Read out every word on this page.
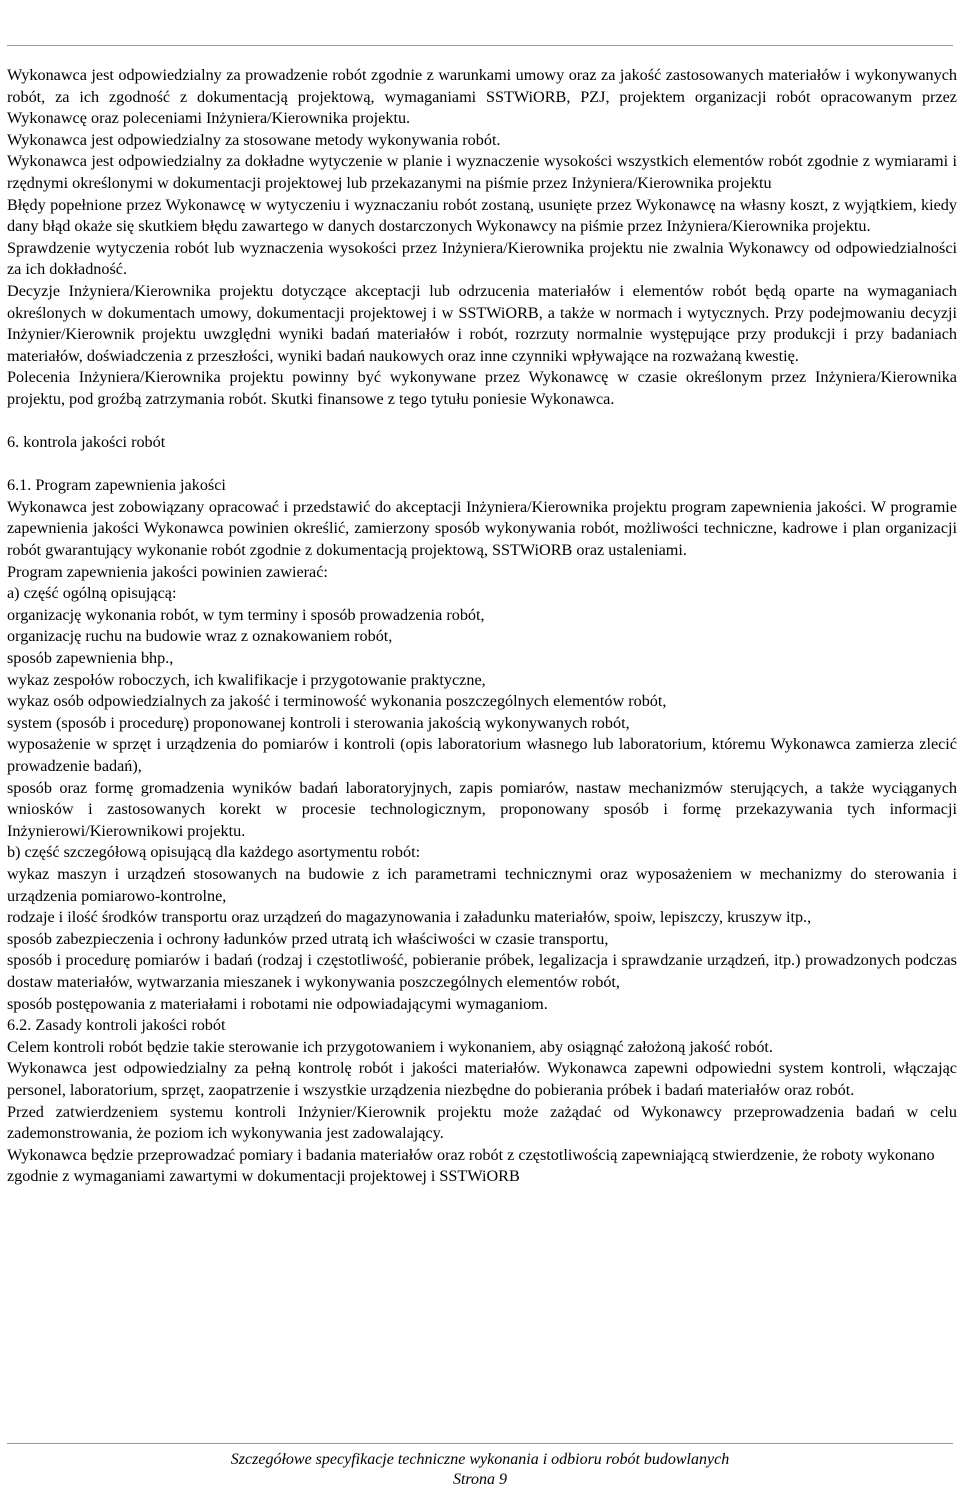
Usługi Ogólnobudowlane WILBUD
Ul. Benedyktyńska 25 ; 58-405 Krzeszów

Wykonawca jest odpowiedzialny za prowadzenie robót zgodnie z warunkami umowy oraz za jakość zastosowanych materiałów i wykonywanych robót, za ich zgodność z dokumentacją projektową, wymaganiami SSTWiORB, PZJ, projektem organizacji robót opracowanym przez Wykonawcę oraz poleceniami Inżyniera/Kierownika projektu.

Wykonawca jest odpowiedzialny za stosowane metody wykonywania robót.

Wykonawca jest odpowiedzialny za dokładne wytyczenie w planie i wyznaczenie wysokości wszystkich elementów robót zgodnie z wymiarami i rzędnymi określonymi w dokumentacji projektowej lub przekazanymi na piśmie przez Inżyniera/Kierownika projektu

Błędy popełnione przez Wykonawcę w wytyczeniu i wyznaczaniu robót zostaną, usunięte przez Wykonawcę na własny koszt, z wyjątkiem, kiedy dany błąd okaże się skutkiem błędu zawartego w danych dostarczonych Wykonawcy na piśmie przez Inżyniera/Kierownika projektu.

Sprawdzenie wytyczenia robót lub wyznaczenia wysokości przez Inżyniera/Kierownika projektu nie zwalnia Wykonawcy od odpowiedzialności za ich dokładność.

Decyzje Inżyniera/Kierownika projektu dotyczące akceptacji lub odrzucenia materiałów i elementów robót będą oparte na wymaganiach określonych w dokumentach umowy, dokumentacji projektowej i w SSTWiORB, a także w normach i wytycznych. Przy podejmowaniu decyzji Inżynier/Kierownik projektu uwzględni wyniki badań materiałów i robót, rozrzuty normalnie występujące przy produkcji i przy badaniach materiałów, doświadczenia z przeszłości, wyniki badań naukowych oraz inne czynniki wpływające na rozważaną kwestię.

Polecenia Inżyniera/Kierownika projektu powinny być wykonywane przez Wykonawcę w czasie określonym przez Inżyniera/Kierownika projektu, pod groźbą zatrzymania robót. Skutki finansowe z tego tytułu poniesie Wykonawca.

6. kontrola jakości robót

6.1. Program zapewnienia jakości

Wykonawca jest zobowiązany opracować i przedstawić do akceptacji Inżyniera/Kierownika projektu program zapewnienia jakości. W programie zapewnienia jakości Wykonawca powinien określić, zamierzony sposób wykonywania robót, możliwości techniczne, kadrowe i plan organizacji robót gwarantujący wykonanie robót zgodnie z dokumentacją projektową, SSTWiORB oraz ustaleniami.

Program zapewnienia jakości powinien zawierać:

a) część ogólną opisującą:

organizację wykonania robót, w tym terminy i sposób prowadzenia robót,

organizację ruchu na budowie wraz z oznakowaniem robót,

sposób zapewnienia bhp.,

wykaz zespołów roboczych, ich kwalifikacje i przygotowanie praktyczne,

wykaz osób odpowiedzialnych za jakość i terminowość wykonania poszczególnych elementów robót,

system (sposób i procedurę) proponowanej kontroli i sterowania jakością wykonywanych robót,

wyposażenie w sprzęt i urządzenia do pomiarów i kontroli (opis laboratorium własnego lub laboratorium, któremu Wykonawca zamierza zlecić prowadzenie badań),

sposób oraz formę gromadzenia wyników badań laboratoryjnych, zapis pomiarów, nastaw mechanizmów sterujących, a także wyciąganych wniosków i zastosowanych korekt w procesie technologicznym, proponowany sposób i formę przekazywania tych informacji Inżynierowi/Kierownikowi projektu.

b) część szczegółową opisującą dla każdego asortymentu robót:

wykaz maszyn i urządzeń stosowanych na budowie z ich parametrami technicznymi oraz wyposażeniem w mechanizmy do sterowania i urządzenia pomiarowo-kontrolne,

rodzaje i ilość środków transportu oraz urządzeń do magazynowania i załadunku materiałów, spoiw, lepiszczy, kruszyw itp.,

sposób zabezpieczenia i ochrony ładunków przed utratą ich właściwości w czasie transportu,

sposób i procedurę pomiarów i badań (rodzaj i częstotliwość, pobieranie próbek, legalizacja i sprawdzanie urządzeń, itp.) prowadzonych podczas dostaw materiałów, wytwarzania mieszanek i wykonywania poszczególnych elementów robót,

sposób postępowania z materiałami i robotami nie odpowiadającymi wymaganiom.

6.2. Zasady kontroli jakości robót

Celem kontroli robót będzie takie sterowanie ich przygotowaniem i wykonaniem, aby osiągnąć założoną jakość robót.

Wykonawca jest odpowiedzialny za pełną kontrolę robót i jakości materiałów. Wykonawca zapewni odpowiedni system kontroli, włączając personel, laboratorium, sprzęt, zaopatrzenie i wszystkie urządzenia niezbędne do pobierania próbek i badań materiałów oraz robót.

Przed zatwierdzeniem systemu kontroli Inżynier/Kierownik projektu może zażądać od Wykonawcy przeprowadzenia badań w celu zademonstrowania, że poziom ich wykonywania jest zadowalający.

Wykonawca będzie przeprowadzać pomiary i badania materiałów oraz robót z częstotliwością zapewniającą stwierdzenie, że roboty wykonano zgodnie z wymaganiami zawartymi w dokumentacji projektowej i SSTWiORB

Szczegółowe specyfikacje techniczne wykonania i odbioru robót budowlanych
Strona 9
